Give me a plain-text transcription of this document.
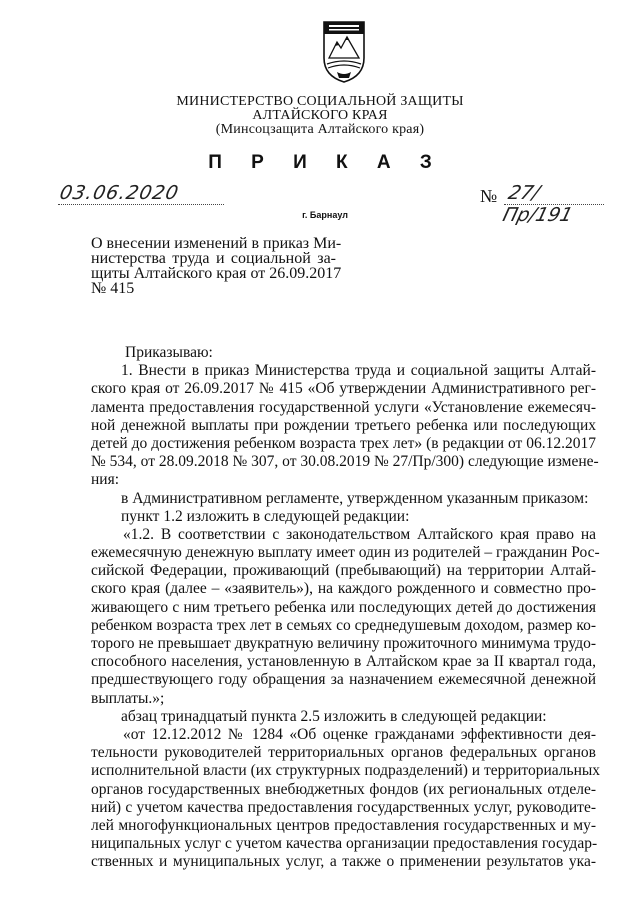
МИНИСТЕРСТВО СОЦИАЛЬНОЙ ЗАЩИТЫ
АЛТАЙСКОГО КРАЯ
(Минсоцзащита Алтайского края)
П Р И К А З
03.06.2020	№ 27/Пр/191
г. Барнаул
О внесении изменений в приказ Ми-
нистерства труда и социальной за-
щиты Алтайского края от 26.09.2017
№ 415
Приказываю:
1. Внести в приказ Министерства труда и социальной защиты Алтай-
ского края от 26.09.2017 № 415 «Об утверждении Административного рег-
ламента предоставления государственной услуги «Установление ежемесяч-
ной денежной выплаты при рождении третьего ребенка или последующих
детей до достижения ребенком возраста трех лет» (в редакции от 06.12.2017
№ 534, от 28.09.2018 № 307, от 30.08.2019 № 27/Пр/300) следующие измене-
ния:
в Административном регламенте, утвержденном указанным приказом:
пункт 1.2 изложить в следующей редакции:
«1.2. В соответствии с законодательством Алтайского края право на
ежемесячную денежную выплату имеет один из родителей – гражданин Рос-
сийской Федерации, проживающий (пребывающий) на территории Алтай-
ского края (далее – «заявитель»), на каждого рожденного и совместно про-
живающего с ним третьего ребенка или последующих детей до достижения
ребенком возраста трех лет в семьях со среднедушевым доходом, размер ко-
торого не превышает двукратную величину прожиточного минимума трудо-
способного населения, установленную в Алтайском крае за II квартал года,
предшествующего году обращения за назначением ежемесячной денежной
выплаты.»;
абзац тринадцатый пункта 2.5 изложить в следующей редакции:
«от 12.12.2012 № 1284 «Об оценке гражданами эффективности дея-
тельности руководителей территориальных органов федеральных органов
исполнительной власти (их структурных подразделений) и территориальных
органов государственных внебюджетных фондов (их региональных отделе-
ний) с учетом качества предоставления государственных услуг, руководите-
лей многофункциональных центров предоставления государственных и му-
ниципальных услуг с учетом качества организации предоставления государ-
ственных и муниципальных услуг, а также о применении результатов ука-
